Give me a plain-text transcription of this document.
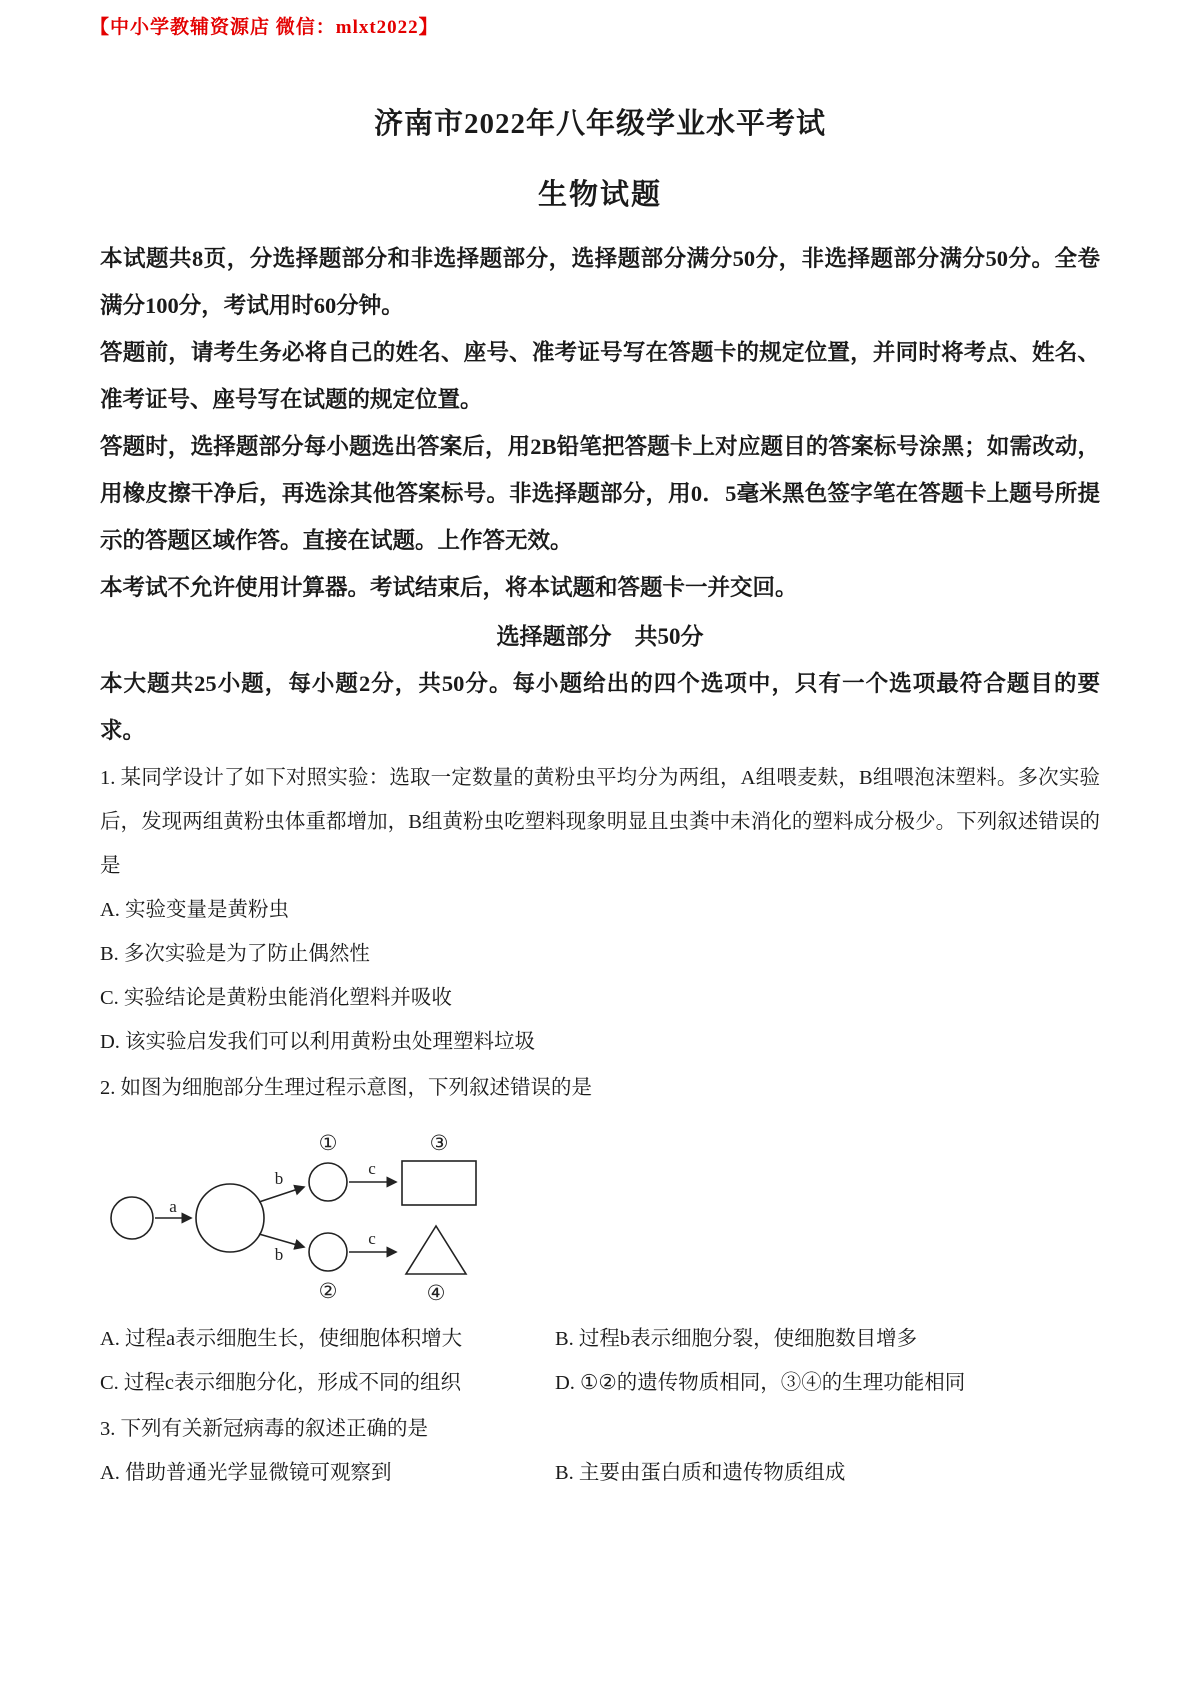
【中小学教辅资源店 微信：mlxt2022】
济南市2022年八年级学业水平考试
生物试题

本试题共8页，分选择题部分和非选择题部分，选择题部分满分50分，非选择题部分满分50分。全卷满分100分，考试用时60分钟。

答题前，请考生务必将自己的姓名、座号、准考证号写在答题卡的规定位置，并同时将考点、姓名、准考证号、座号写在试题的规定位置。

答题时，选择题部分每小题选出答案后，用2B铅笔把答题卡上对应题目的答案标号涂黑；如需改动，用橡皮擦干净后，再选涂其他答案标号。非选择题部分，用0．5毫米黑色签字笔在答题卡上题号所提示的答题区域作答。直接在试题。上作答无效。

本考试不允许使用计算器。考试结束后，将本试题和答题卡一并交回。

选择题部分　共50分

本大题共25小题，每小题2分，共50分。每小题给出的四个选项中，只有一个选项最符合题目的要求。

1. 某同学设计了如下对照实验：选取一定数量的黄粉虫平均分为两组，A组喂麦麸，B组喂泡沫塑料。多次实验后，发现两组黄粉虫体重都增加，B组黄粉虫吃塑料现象明显且虫粪中未消化的塑料成分极少。下列叙述错误的是

A. 实验变量是黄粉虫

B. 多次实验是为了防止偶然性

C. 实验结论是黄粉虫能消化塑料并吸收

D. 该实验启发我们可以利用黄粉虫处理塑料垃圾

2. 如图为细胞部分生理过程示意图，下列叙述错误的是

a
b
b
c
c
①
②
③
④

A. 过程a表示细胞生长，使细胞体积增大	B. 过程b表示细胞分裂，使细胞数目增多

C. 过程c表示细胞分化，形成不同的组织	D. ①②的遗传物质相同，③④的生理功能相同

3. 下列有关新冠病毒的叙述正确的是

A. 借助普通光学显微镜可观察到	B. 主要由蛋白质和遗传物质组成
